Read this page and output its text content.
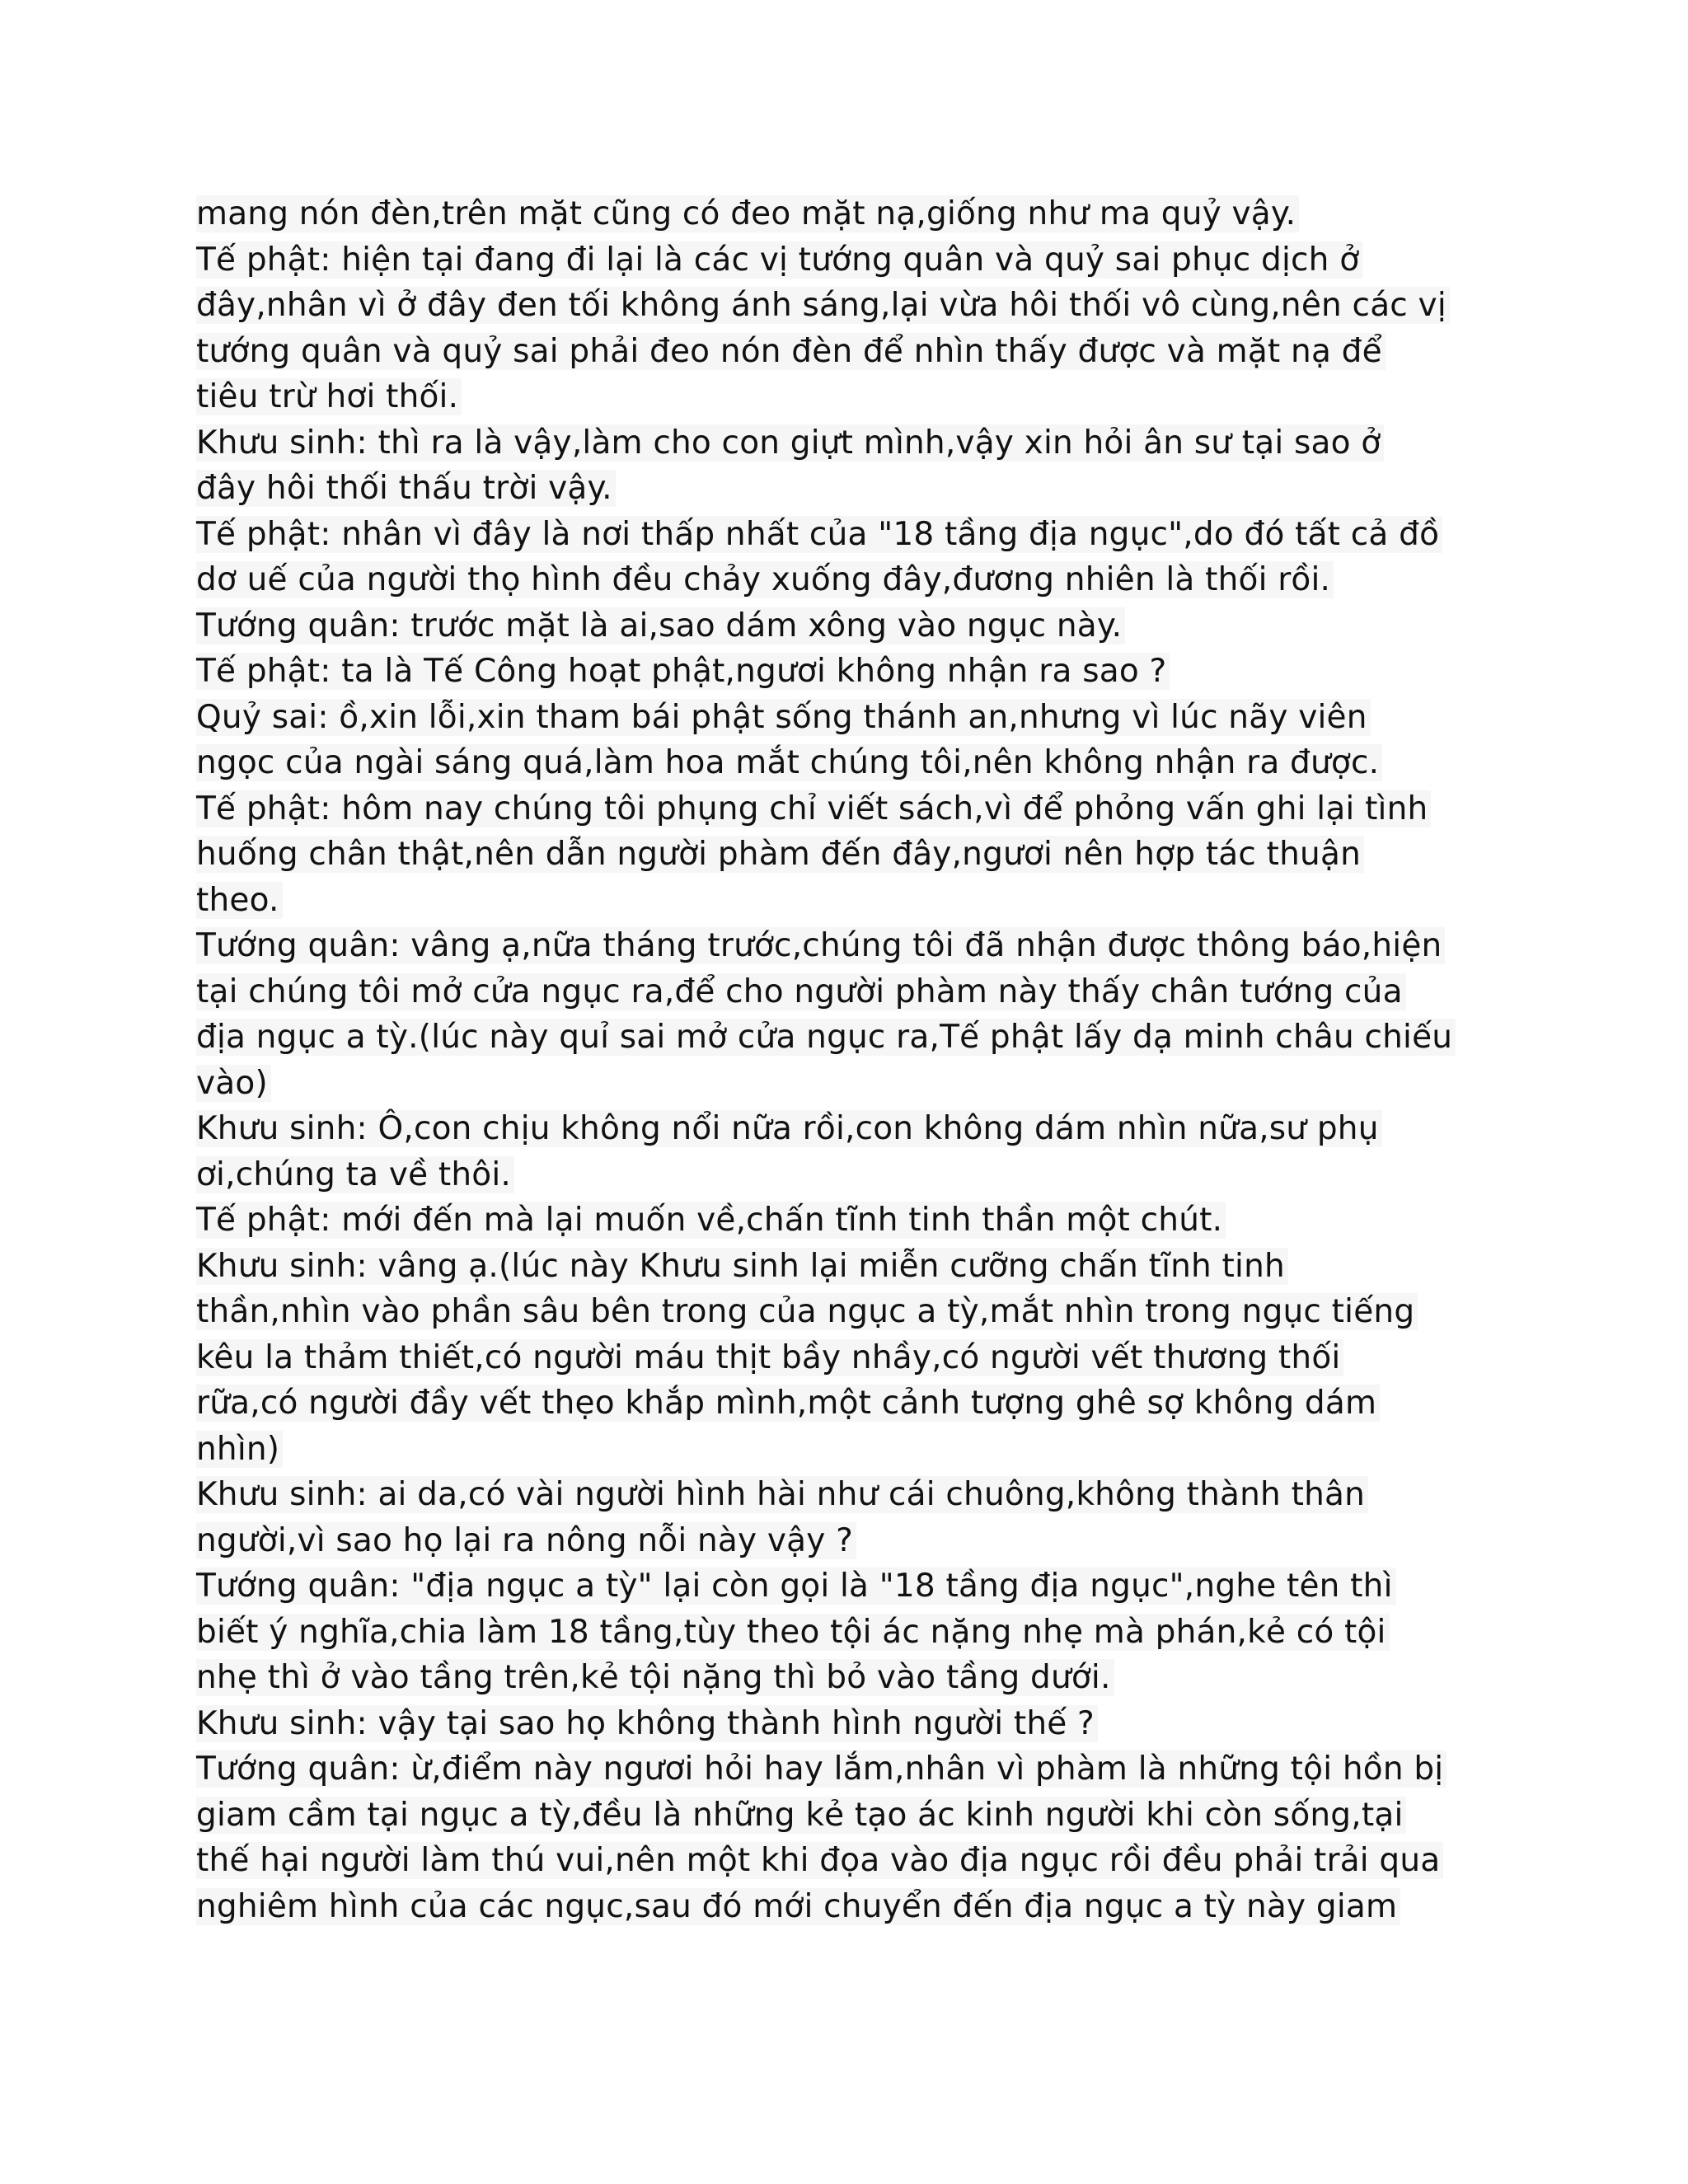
mang nón đèn,trên mặt cũng có đeo mặt nạ,giống như ma quỷ vậy.
Tế phật: hiện tại đang đi lại là các vị tướng quân và quỷ sai phục dịch ở
đây,nhân vì ở đây đen tối không ánh sáng,lại vừa hôi thối vô cùng,nên các vị
tướng quân và quỷ sai phải đeo nón đèn để nhìn thấy được và mặt nạ để
tiêu trừ hơi thối.
Khưu sinh: thì ra là vậy,làm cho con giựt mình,vậy xin hỏi ân sư tại sao ở
đây hôi thối thấu trời vậy.
Tế phật: nhân vì đây là nơi thấp nhất của "18 tầng địa ngục",do đó tất cả đồ
dơ uế của người thọ hình đều chảy xuống đây,đương nhiên là thối rồi.
Tướng quân: trước mặt là ai,sao dám xông vào ngục này.
Tế phật: ta là Tế Công hoạt phật,ngươi không nhận ra sao ?
Quỷ sai: ồ,xin lỗi,xin tham bái phật sống thánh an,nhưng vì lúc nãy viên
ngọc của ngài sáng quá,làm hoa mắt chúng tôi,nên không nhận ra được.
Tế phật: hôm nay chúng tôi phụng chỉ viết sách,vì để phỏng vấn ghi lại tình
huống chân thật,nên dẫn người phàm đến đây,ngươi nên hợp tác thuận
theo.
Tướng quân: vâng ạ,nữa tháng trước,chúng tôi đã nhận được thông báo,hiện
tại chúng tôi mở cửa ngục ra,để cho người phàm này thấy chân tướng của
địa ngục a tỳ.(lúc này quỉ sai mở cửa ngục ra,Tế phật lấy dạ minh châu chiếu
vào)
Khưu sinh: Ô,con chịu không nổi nữa rồi,con không dám nhìn nữa,sư phụ
ơi,chúng ta về thôi.
Tế phật: mới đến mà lại muốn về,chấn tĩnh tinh thần một chút.
Khưu sinh: vâng ạ.(lúc này Khưu sinh lại miễn cưỡng chấn tĩnh tinh
thần,nhìn vào phần sâu bên trong của ngục a tỳ,mắt nhìn trong ngục tiếng
kêu la thảm thiết,có người máu thịt bầy nhầy,có người vết thương thối
rữa,có người đầy vết thẹo khắp mình,một cảnh tượng ghê sợ không dám
nhìn)
Khưu sinh: ai da,có vài người hình hài như cái chuông,không thành thân
người,vì sao họ lại ra nông nỗi này vậy ?
Tướng quân: "địa ngục a tỳ" lại còn gọi là "18 tầng địa ngục",nghe tên thì
biết ý nghĩa,chia làm 18 tầng,tùy theo tội ác nặng nhẹ mà phán,kẻ có tội
nhẹ thì ở vào tầng trên,kẻ tội nặng thì bỏ vào tầng dưới.
Khưu sinh: vậy tại sao họ không thành hình người thế ?
Tướng quân: ừ,điểm này ngươi hỏi hay lắm,nhân vì phàm là những tội hồn bị
giam cầm tại ngục a tỳ,đều là những kẻ tạo ác kinh người khi còn sống,tại
thế hại người làm thú vui,nên một khi đọa vào địa ngục rồi đều phải trải qua
nghiêm hình của các ngục,sau đó mới chuyển đến địa ngục a tỳ này giam
